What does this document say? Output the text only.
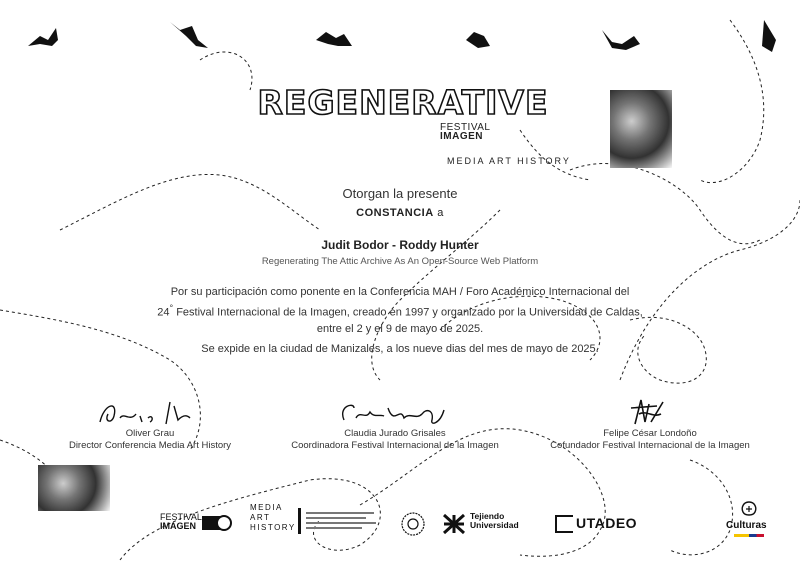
REGENERATIVE
FESTIVAL
IMAGEN
MEDIA ART HISTORY
Otorgan la presente
CONSTANCIA a
Judit Bodor - Roddy Hunter
Regenerating The Attic Archive As An Open-Source Web Platform
Por su participación como ponente en la Conferencia MAH / Foro Académico Internacional del
24° Festival Internacional de la Imagen, creado en 1997 y organizado por la Universidad de Caldas,
entre el 2 y el 9 de mayo de 2025.
Se expide en la ciudad de Manizales, a los nueve dias del mes de mayo de 2025.
Oliver Grau
Director Conferencia Media Art History
Claudia Jurado Grisales
Coordinadora Festival Internacional de la Imagen
Felipe César Londoño
Cofundador Festival Internacional de la Imagen
FESTIVAL
IMAGEN
MEDIA
ART
HISTORY
Tejiendo
Universidad	UTADEO	Culturas
